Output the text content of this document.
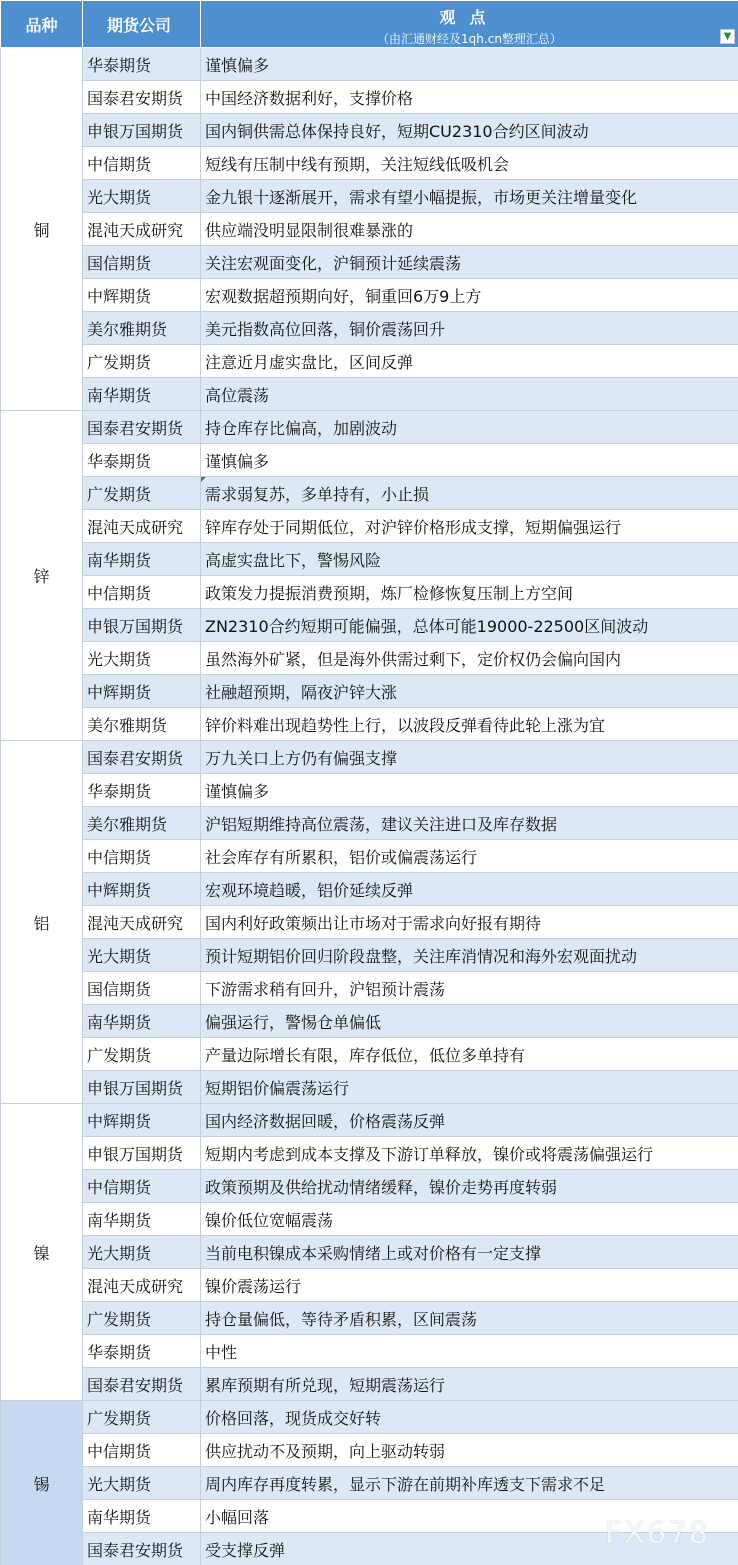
品种	期货公司	观点
（由汇通财经及1qh.cn整理汇总） ▼

铜	华泰期货	谨慎偏多
	国泰君安期货	中国经济数据利好，支撑价格
	申银万国期货	国内铜供需总体保持良好，短期CU2310合约区间波动
	中信期货	短线有压制中线有预期，关注短线低吸机会
	光大期货	金九银十逐渐展开，需求有望小幅提振，市场更关注增量变化
	混沌天成研究	供应端没明显限制很难暴涨的
	国信期货	关注宏观面变化，沪铜预计延续震荡
	中辉期货	宏观数据超预期向好，铜重回6万9上方
	美尔雅期货	美元指数高位回落，铜价震荡回升
	广发期货	注意近月虚实盘比，区间反弹
	南华期货	高位震荡
锌	国泰君安期货	持仓库存比偏高，加剧波动
	华泰期货	谨慎偏多
	广发期货	需求弱复苏，多单持有，小止损
	混沌天成研究	锌库存处于同期低位，对沪锌价格形成支撑，短期偏强运行
	南华期货	高虚实盘比下，警惕风险
	中信期货	政策发力提振消费预期，炼厂检修恢复压制上方空间
	申银万国期货	ZN2310合约短期可能偏强，总体可能19000-22500区间波动
	光大期货	虽然海外矿紧，但是海外供需过剩下，定价权仍会偏向国内
	中辉期货	社融超预期，隔夜沪锌大涨
	美尔雅期货	锌价料难出现趋势性上行，以波段反弹看待此轮上涨为宜
铝	国泰君安期货	万九关口上方仍有偏强支撑
	华泰期货	谨慎偏多
	美尔雅期货	沪铝短期维持高位震荡，建议关注进口及库存数据
	中信期货	社会库存有所累积，铝价或偏震荡运行
	中辉期货	宏观环境趋暖，铝价延续反弹
	混沌天成研究	国内利好政策频出让市场对于需求向好报有期待
	光大期货	预计短期铝价回归阶段盘整，关注库消情况和海外宏观面扰动
	国信期货	下游需求稍有回升，沪铝预计震荡
	南华期货	偏强运行，警惕仓单偏低
	广发期货	产量边际增长有限，库存低位，低位多单持有
	申银万国期货	短期铝价偏震荡运行
镍	中辉期货	国内经济数据回暖，价格震荡反弹
	申银万国期货	短期内考虑到成本支撑及下游订单释放，镍价或将震荡偏强运行
	中信期货	政策预期及供给扰动情绪缓释，镍价走势再度转弱
	南华期货	镍价低位宽幅震荡
	光大期货	当前电积镍成本采购情绪上或对价格有一定支撑
	混沌天成研究	镍价震荡运行
	广发期货	持仓量偏低，等待矛盾积累，区间震荡
	华泰期货	中性
	国泰君安期货	累库预期有所兑现，短期震荡运行
锡	广发期货	价格回落，现货成交好转
	中信期货	供应扰动不及预期，向上驱动转弱
	光大期货	周内库存再度转累，显示下游在前期补库透支下需求不足
	南华期货	小幅回落
	国泰君安期货	受支撑反弹	FX678
